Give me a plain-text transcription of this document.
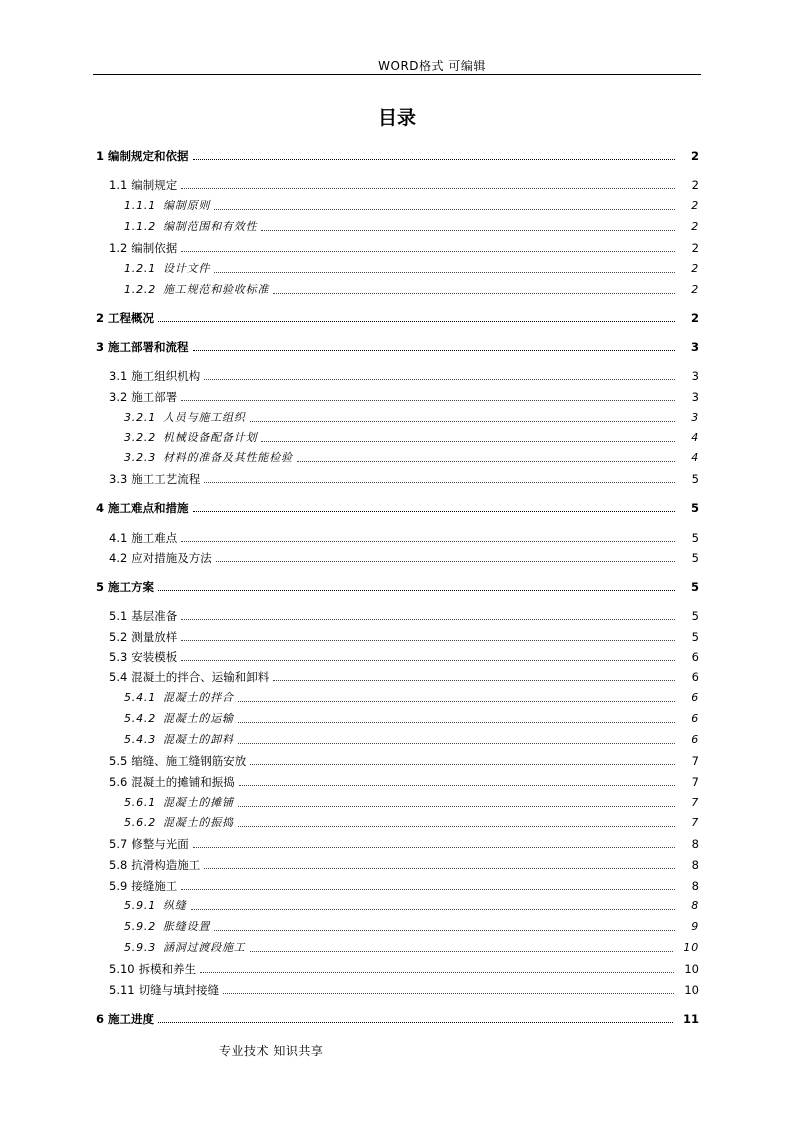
WORD格式 可编辑
目录
1 编制规定和依据	2
1.1 编制规定	2
1.1.1 编制原则	2
1.1.2 编制范围和有效性	2
1.2 编制依据	2
1.2.1 设计文件	2
1.2.2 施工规范和验收标准	2
2 工程概况	2
3 施工部署和流程	3
3.1 施工组织机构	3
3.2 施工部署	3
3.2.1 人员与施工组织	3
3.2.2 机械设备配备计划	4
3.2.3 材料的准备及其性能检验	4
3.3 施工工艺流程	5
4 施工难点和措施	5
4.1 施工难点	5
4.2 应对措施及方法	5
5 施工方案	5
5.1 基层准备	5
5.2 测量放样	5
5.3 安装模板	6
5.4 混凝土的拌合、运输和卸料	6
5.4.1 混凝土的拌合	6
5.4.2 混凝土的运输	6
5.4.3 混凝土的卸料	6
5.5 缩缝、施工缝钢筋安放	7
5.6 混凝土的摊铺和振捣	7
5.6.1 混凝土的摊铺	7
5.6.2 混凝土的振捣	7
5.7 修整与光面	8
5.8 抗滑构造施工	8
5.9 接缝施工	8
5.9.1 纵缝	8
5.9.2 胀缝设置	9
5.9.3 涵洞过渡段施工	10
5.10 拆模和养生	10
5.11 切缝与填封接缝	10
6 施工进度	11
专业技术 知识共享
